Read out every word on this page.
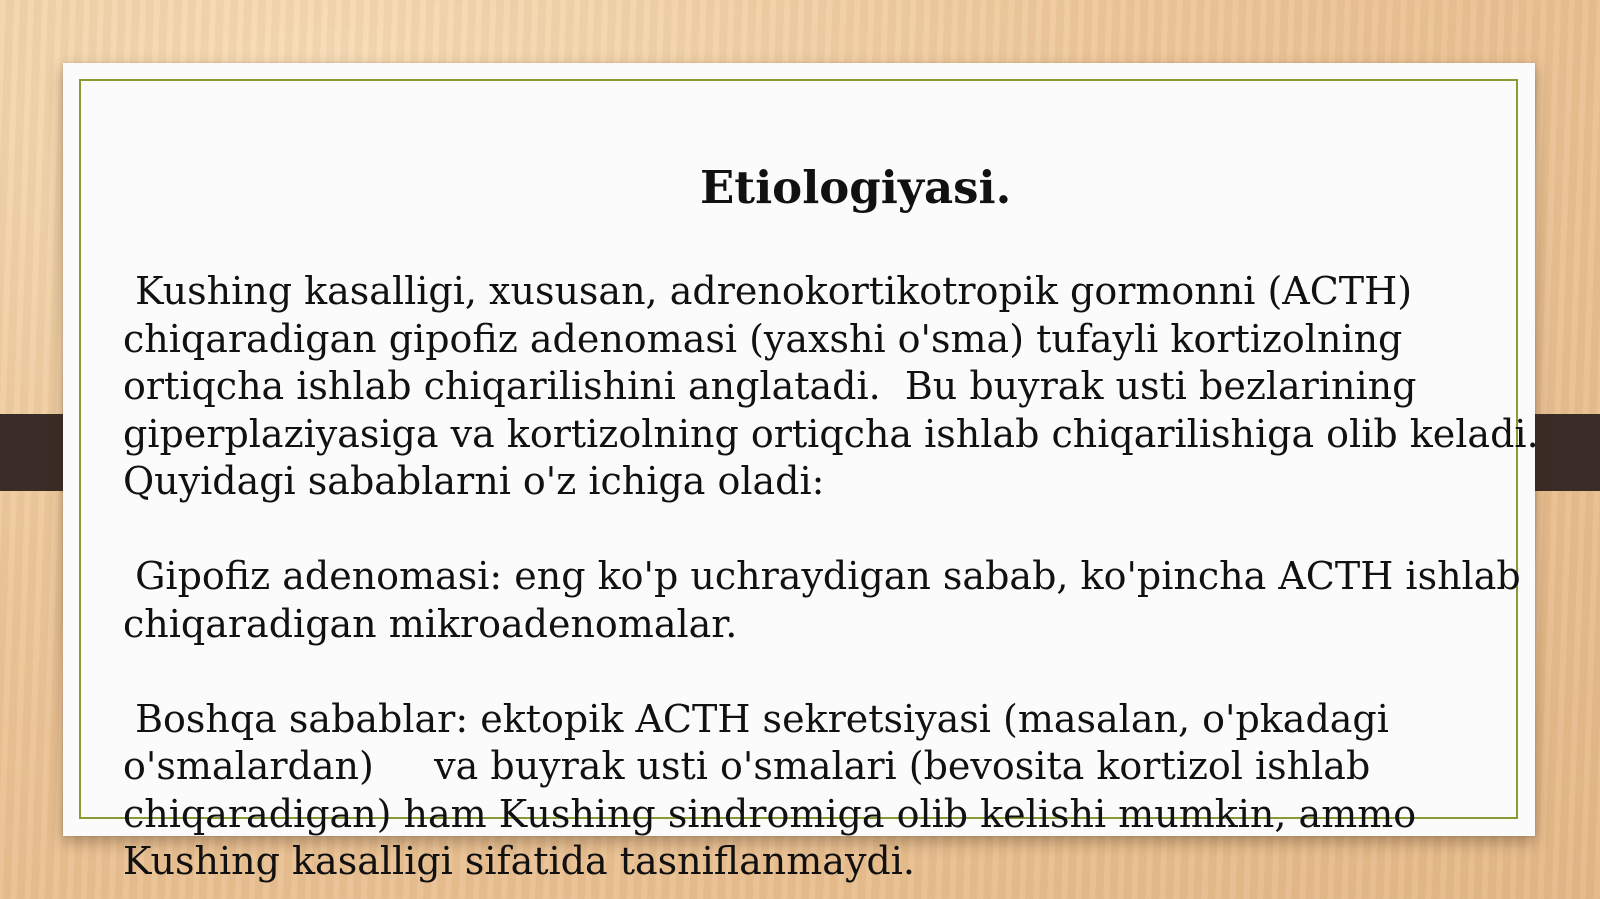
Etiologiyasi.

Kushing kasalligi, xususan, adrenokortikotropik gormonni (ACTH)
chiqaradigan gipofiz adenomasi (yaxshi o'sma) tufayli kortizolning
ortiqcha ishlab chiqarilishini anglatadi.  Bu buyrak usti bezlarining
giperplaziyasiga va kortizolning ortiqcha ishlab chiqarilishiga olib keladi.
Quyidagi sabablarni o'z ichiga oladi:

Gipofiz adenomasi: eng ko'p uchraydigan sabab, ko'pincha ACTH ishlab
chiqaradigan mikroadenomalar.

Boshqa sabablar: ektopik ACTH sekretsiyasi (masalan, o'pkadagi
o'smalardan)     va buyrak usti o'smalari (bevosita kortizol ishlab
chiqaradigan) ham Kushing sindromiga olib kelishi mumkin, ammo
Kushing kasalligi sifatida tasniflanmaydi.
